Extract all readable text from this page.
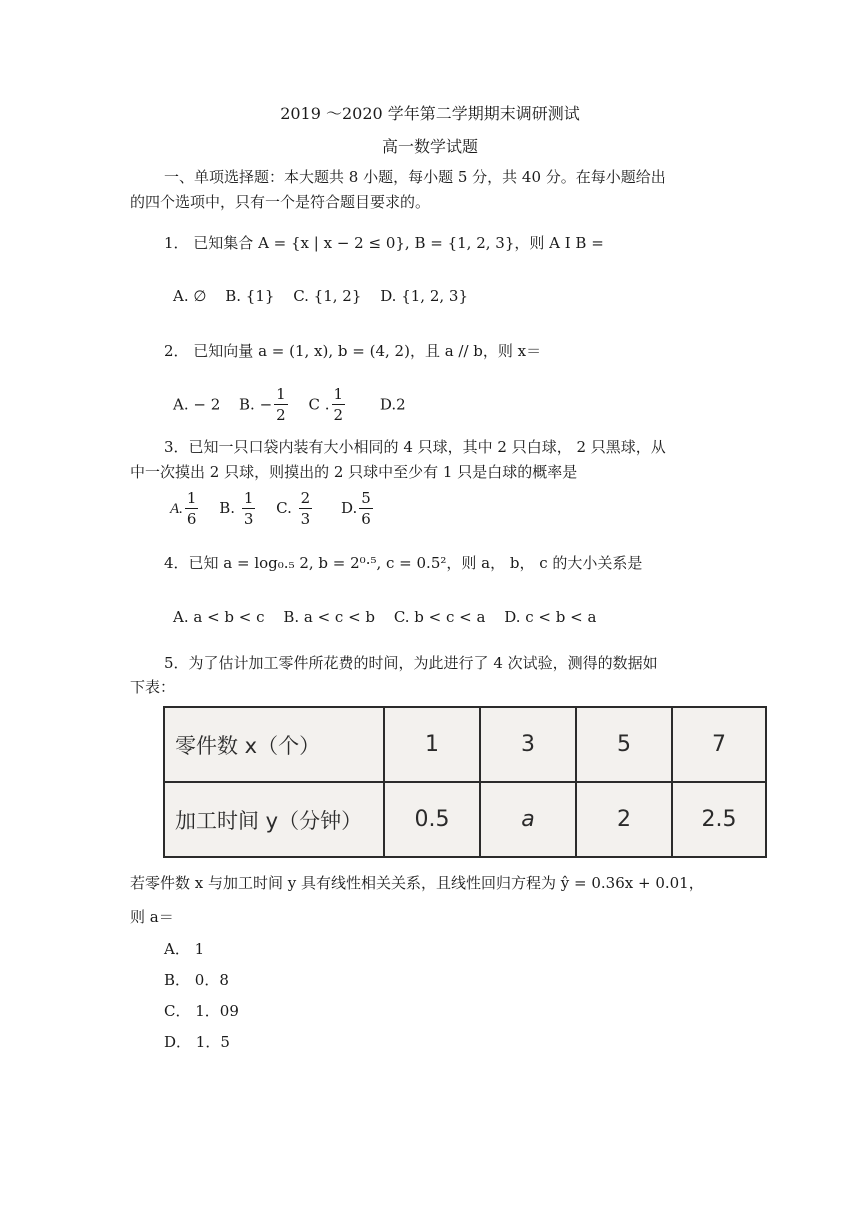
2019 ～2020 学年第二学期期末调研测试
高一数学试题
一、单项选择题：本大题共 8 小题，每小题 5 分，共 40 分。在每小题给出
的四个选项中，只有一个是符合题目要求的。
1． 已知集合 A = {x | x − 2 ≤ 0}, B = {1, 2, 3}，则 A I B =
A. ∅ B. {1} C. {1, 2} D. {1, 2, 3}
2． 已知向量 a = (1, x), b = (4, 2)，且 a // b，则 x＝
A. − 2 B. − $\frac{1}{2}$ C . $\frac{1}{2} D.2$
3．已知一只口袋内装有大小相同的 4 只球，其中 2 只白球， 2 只黑球，从
中一次摸出 2 只球，则摸出的 2 只球中至少有 1 只是白球的概率是
A. $\frac{1}{6} B$. $\frac{1}{3} C$. $\frac{2}{3} D$. $\frac{5}{6}$
4．已知 a = log₀.₅ 2, b = 2⁰·⁵, c = 0.5²，则 a， b， c 的大小关系是
A. a < b < c B. a < c < b C. b < c < a D. c < b < a
5．为了估计加工零件所花费的时间，为此进行了 4 次试验，测得的数据如
下表：
零件数 x（个）	1	3	5	7
加工时间 y（分钟）	0.5	a	2	2.5
若零件数 x 与加工时间 y 具有线性相关关系，且线性回归方程为 ŷ = 0.36x + 0.01，
则 a＝
A． 1
B． 0．8
C． 1．09
D． 1．5
